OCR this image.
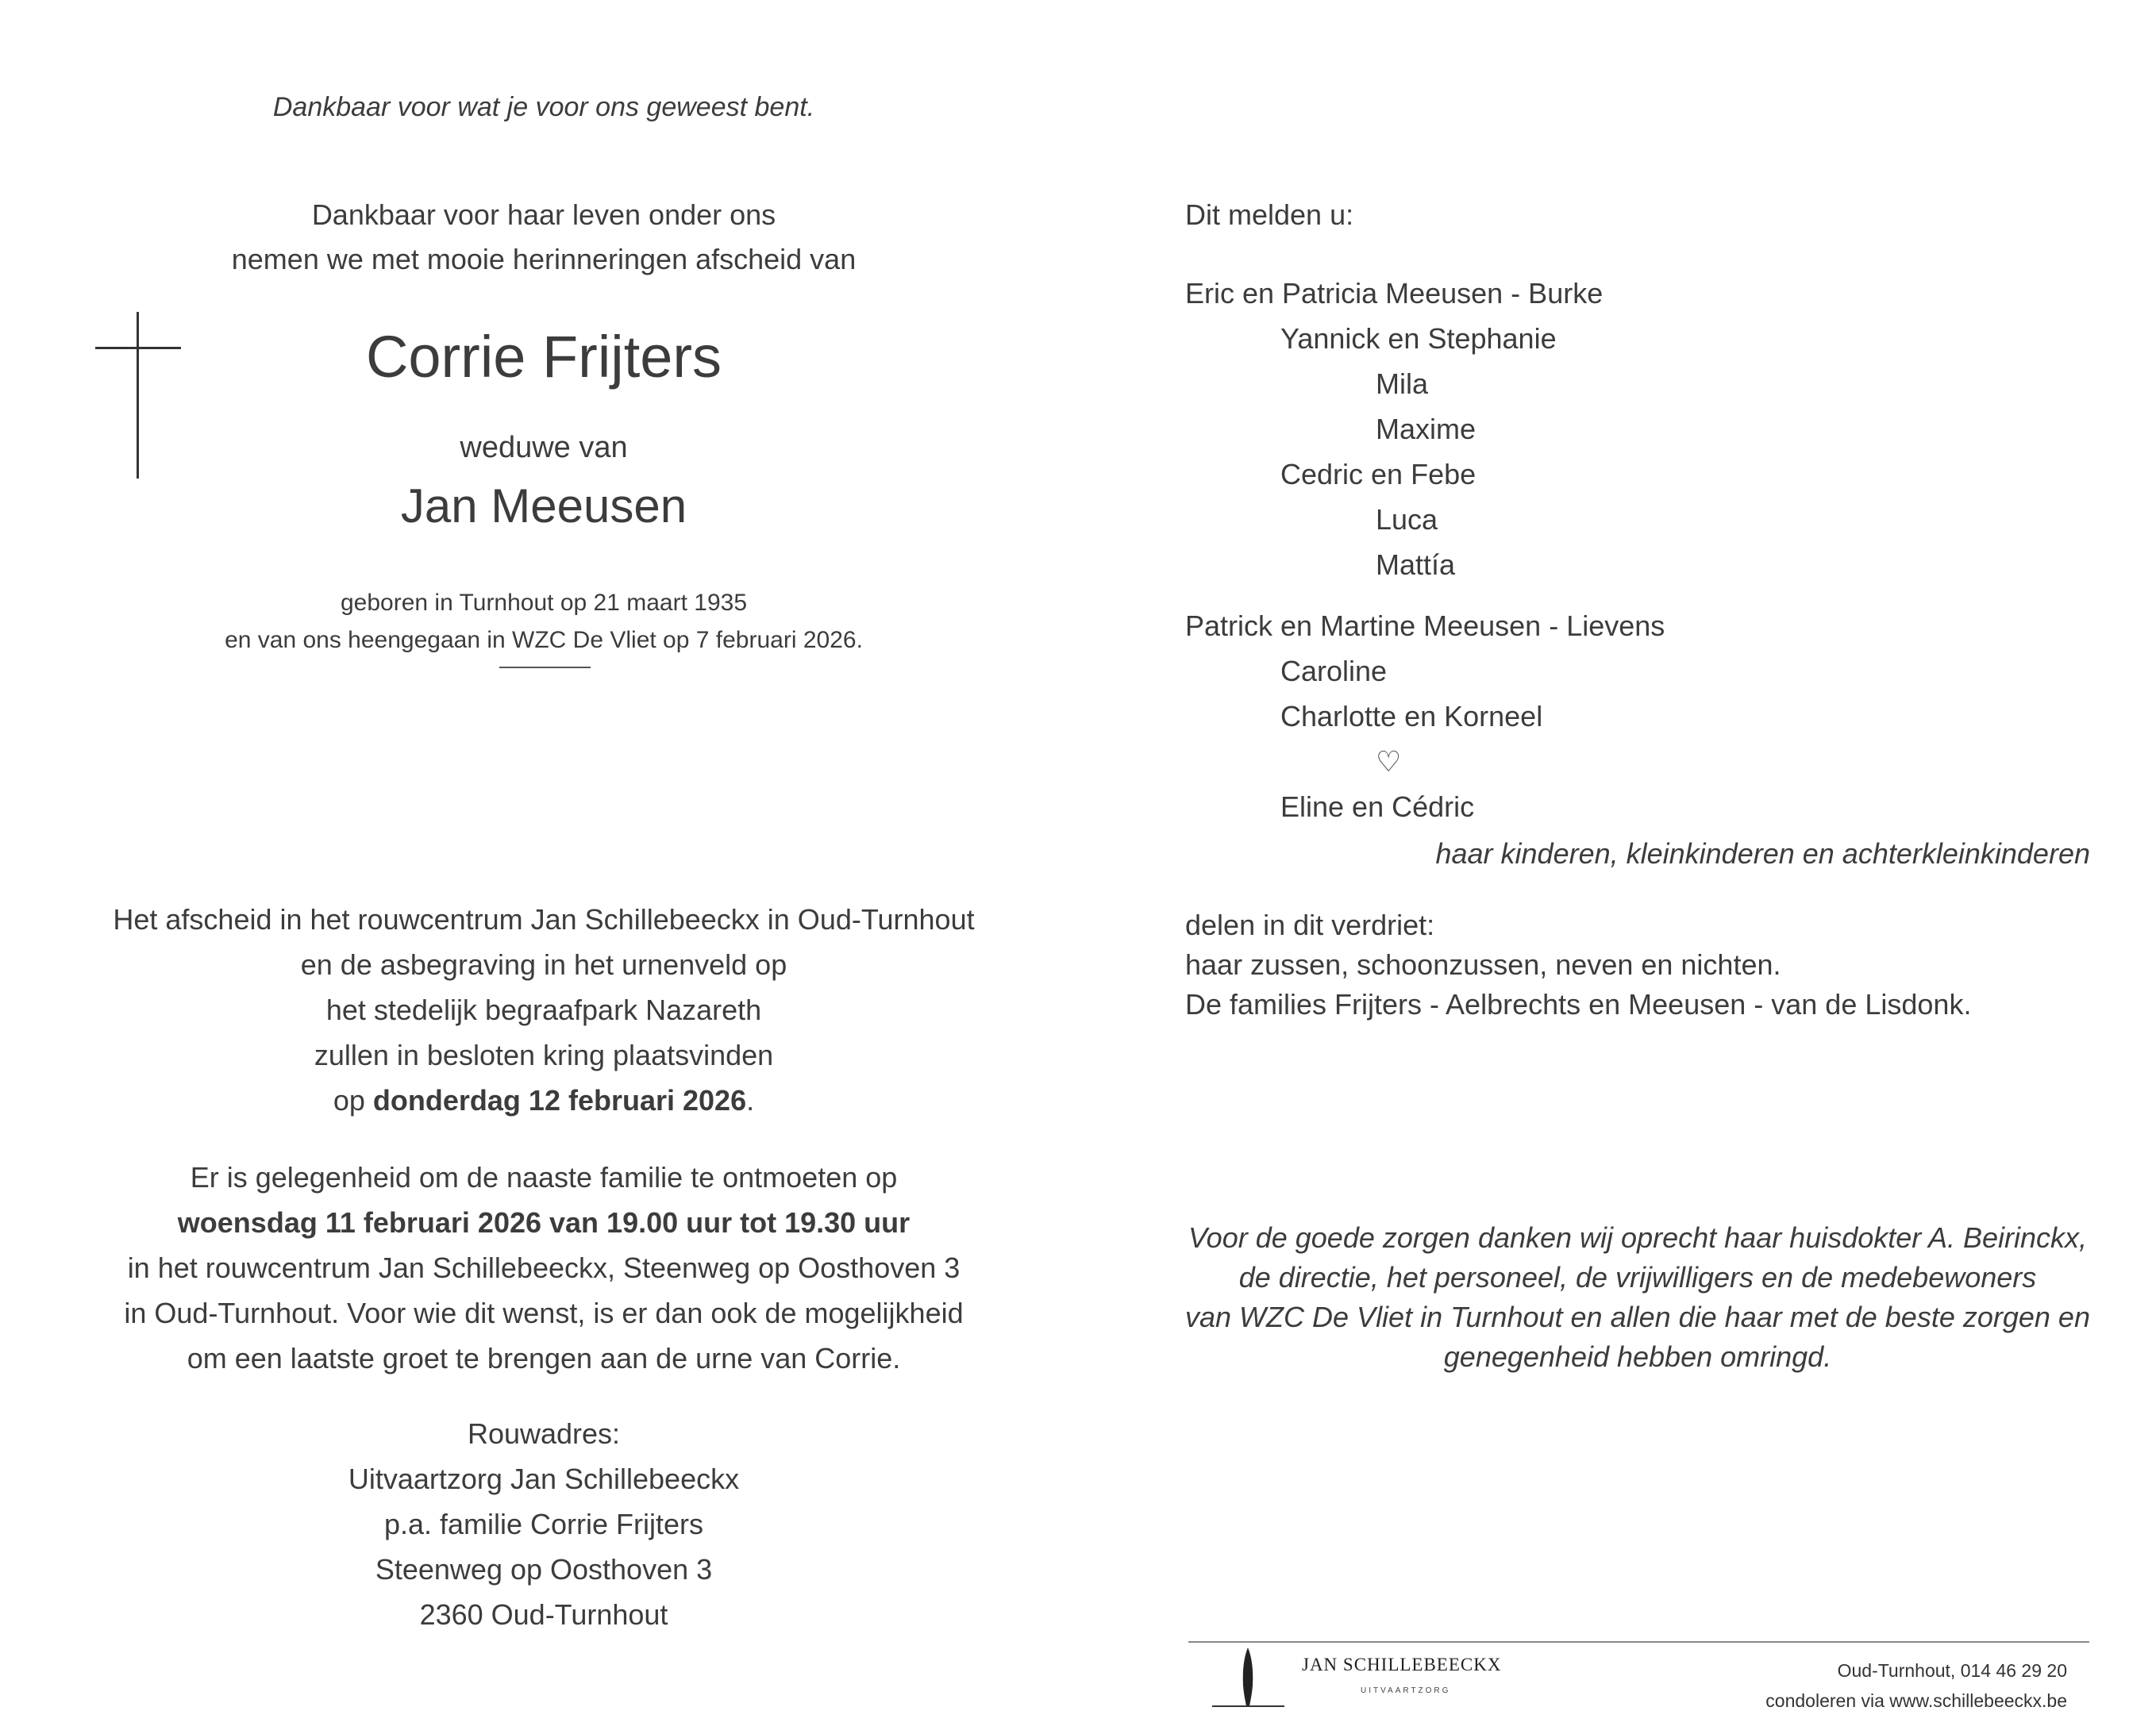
Dankbaar voor wat je voor ons geweest bent.
Dankbaar voor haar leven onder ons
nemen we met mooie herinneringen afscheid van
Corrie Frijters
weduwe van
Jan Meeusen
geboren in Turnhout op 21 maart 1935
en van ons heengegaan in WZC De Vliet op 7 februari 2026.
Het afscheid in het rouwcentrum Jan Schillebeeckx in Oud-Turnhout
en de asbegraving in het urnenveld op
het stedelijk begraafpark Nazareth
zullen in besloten kring plaatsvinden
op donderdag 12 februari 2026.
Er is gelegenheid om de naaste familie te ontmoeten op
woensdag 11 februari 2026 van 19.00 uur tot 19.30 uur
in het rouwcentrum Jan Schillebeeckx, Steenweg op Oosthoven 3
in Oud-Turnhout. Voor wie dit wenst, is er dan ook de mogelijkheid
om een laatste groet te brengen aan de urne van Corrie.
Rouwadres:
Uitvaartzorg Jan Schillebeeckx
p.a. familie Corrie Frijters
Steenweg op Oosthoven 3
2360 Oud-Turnhout
Dit melden u:
Eric en Patricia Meeusen - Burke
Yannick en Stephanie
Mila
Maxime
Cedric en Febe
Luca
Mattía
Patrick en Martine Meeusen - Lievens
Caroline
Charlotte en Korneel
♡
Eline en Cédric
haar kinderen, kleinkinderen en achterkleinkinderen
delen in dit verdriet:
haar zussen, schoonzussen, neven en nichten.
De families Frijters - Aelbrechts en Meeusen - van de Lisdonk.
Voor de goede zorgen danken wij oprecht haar huisdokter A. Beirinckx,
de directie, het personeel, de vrijwilligers en de medebewoners
van WZC De Vliet in Turnhout en allen die haar met de beste zorgen en
genegenheid hebben omringd.
JAN SCHILLEBEECKX
UITVAARTZORG
Oud-Turnhout, 014 46 29 20
condoleren via www.schillebeeckx.be
